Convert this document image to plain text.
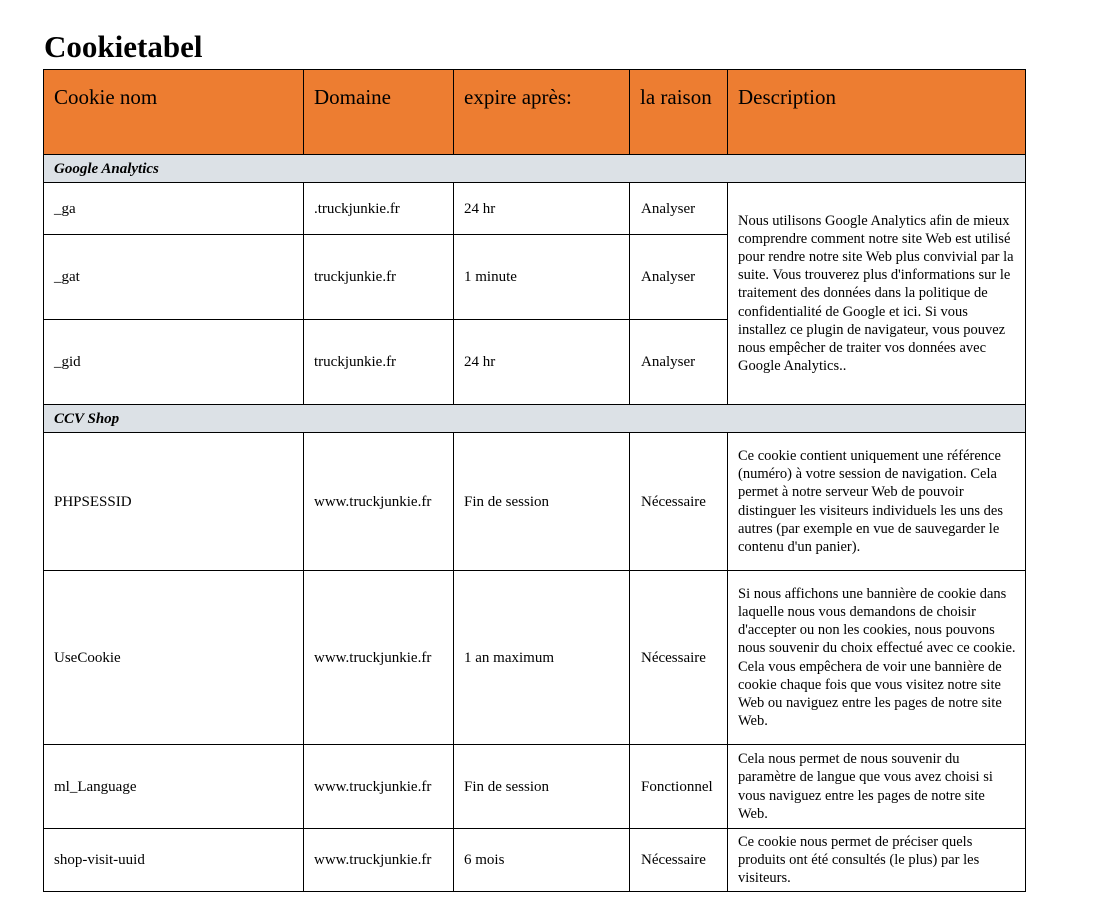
Cookietabel
Cookie nom	Domaine	expire après:	la raison	Description
Google Analytics				
_ga	.truckjunkie.fr	24 hr	Analyser	Nous utilisons Google Analytics afin de mieux comprendre comment notre site Web est utilisé pour rendre notre site Web plus convivial par la suite. Vous trouverez plus d'informations sur le traitement des données dans la politique de confidentialité de Google et ici. Si vous installez ce plugin de navigateur, vous pouvez nous empêcher de traiter vos données avec Google Analytics..
_gat	truckjunkie.fr	1 minute	Analyser	
_gid	truckjunkie.fr	24 hr	Analyser	
CCV Shop				
PHPSESSID	www.truckjunkie.fr	Fin de session	Nécessaire	Ce cookie contient uniquement une référence (numéro) à votre session de navigation. Cela permet à notre serveur Web de pouvoir distinguer les visiteurs individuels les uns des autres (par exemple en vue de sauvegarder le contenu d'un panier).
UseCookie	www.truckjunkie.fr	1 an maximum	Nécessaire	Si nous affichons une bannière de cookie dans laquelle nous vous demandons de choisir d'accepter ou non les cookies, nous pouvons nous souvenir du choix effectué avec ce cookie. Cela vous empêchera de voir une bannière de cookie chaque fois que vous visitez notre site Web ou naviguez entre les pages de notre site Web.
ml_Language	www.truckjunkie.fr	Fin de session	Fonctionnel	Cela nous permet de nous souvenir du paramètre de langue que vous avez choisi si vous naviguez entre les pages de notre site Web.
shop-visit-uuid	www.truckjunkie.fr	6 mois	Nécessaire	Ce cookie nous permet de préciser quels produits ont été consultés (le plus) par les visiteurs.
